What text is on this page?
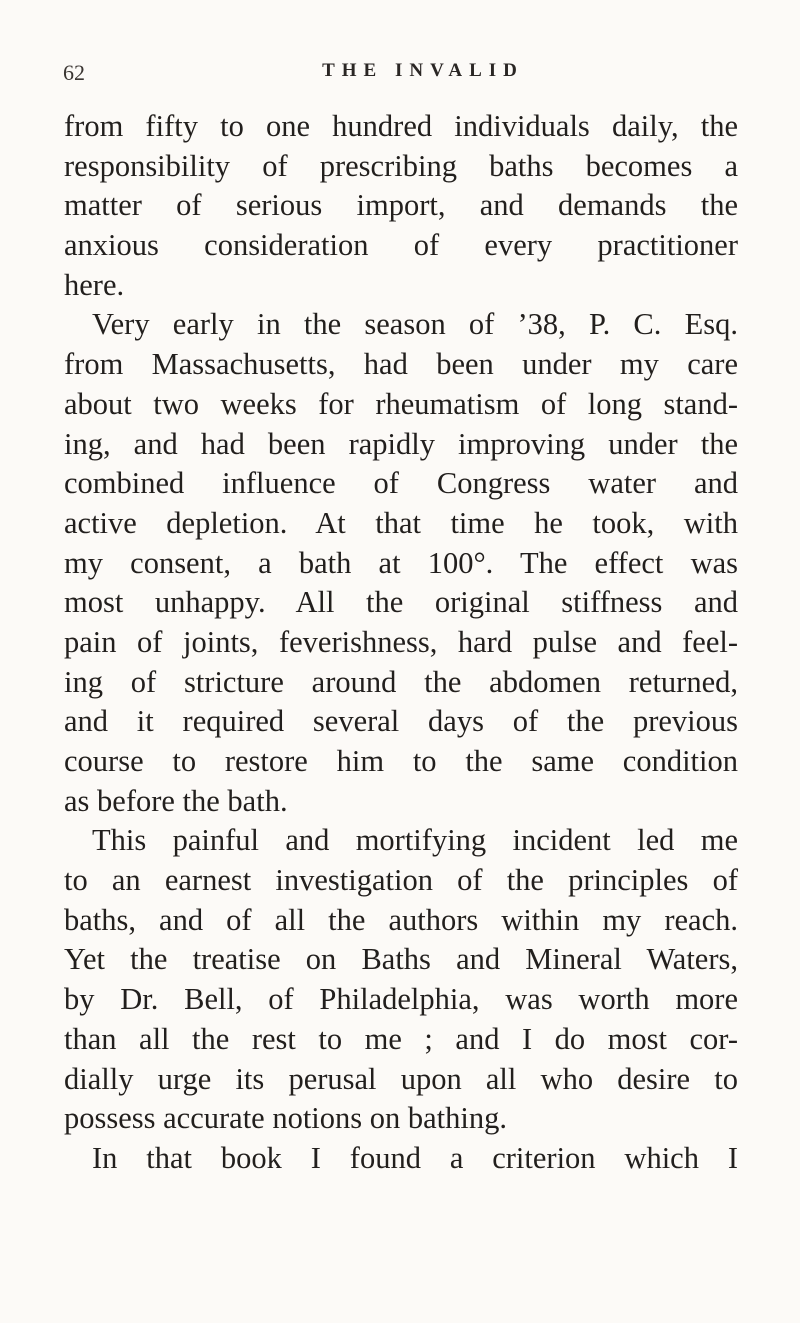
62	THE INVALID
from fifty to one hundred individuals daily, the
responsibility of prescribing baths becomes a
matter of serious import, and demands the
anxious consideration of every practitioner
here.
Very early in the season of ’38, P. C. Esq.
from Massachusetts, had been under my care
about two weeks for rheumatism of long stand-
ing, and had been rapidly improving under the
combined influence of Congress water and
active depletion. At that time he took, with
my consent, a bath at 100°. The effect was
most unhappy. All the original stiffness and
pain of joints, feverishness, hard pulse and feel-
ing of stricture around the abdomen returned,
and it required several days of the previous
course to restore him to the same condition
as before the bath.
This painful and mortifying incident led me
to an earnest investigation of the principles of
baths, and of all the authors within my reach.
Yet the treatise on Baths and Mineral Waters,
by Dr. Bell, of Philadelphia, was worth more
than all the rest to me ; and I do most cor-
dially urge its perusal upon all who desire to
possess accurate notions on bathing.
In that book I found a criterion which I
